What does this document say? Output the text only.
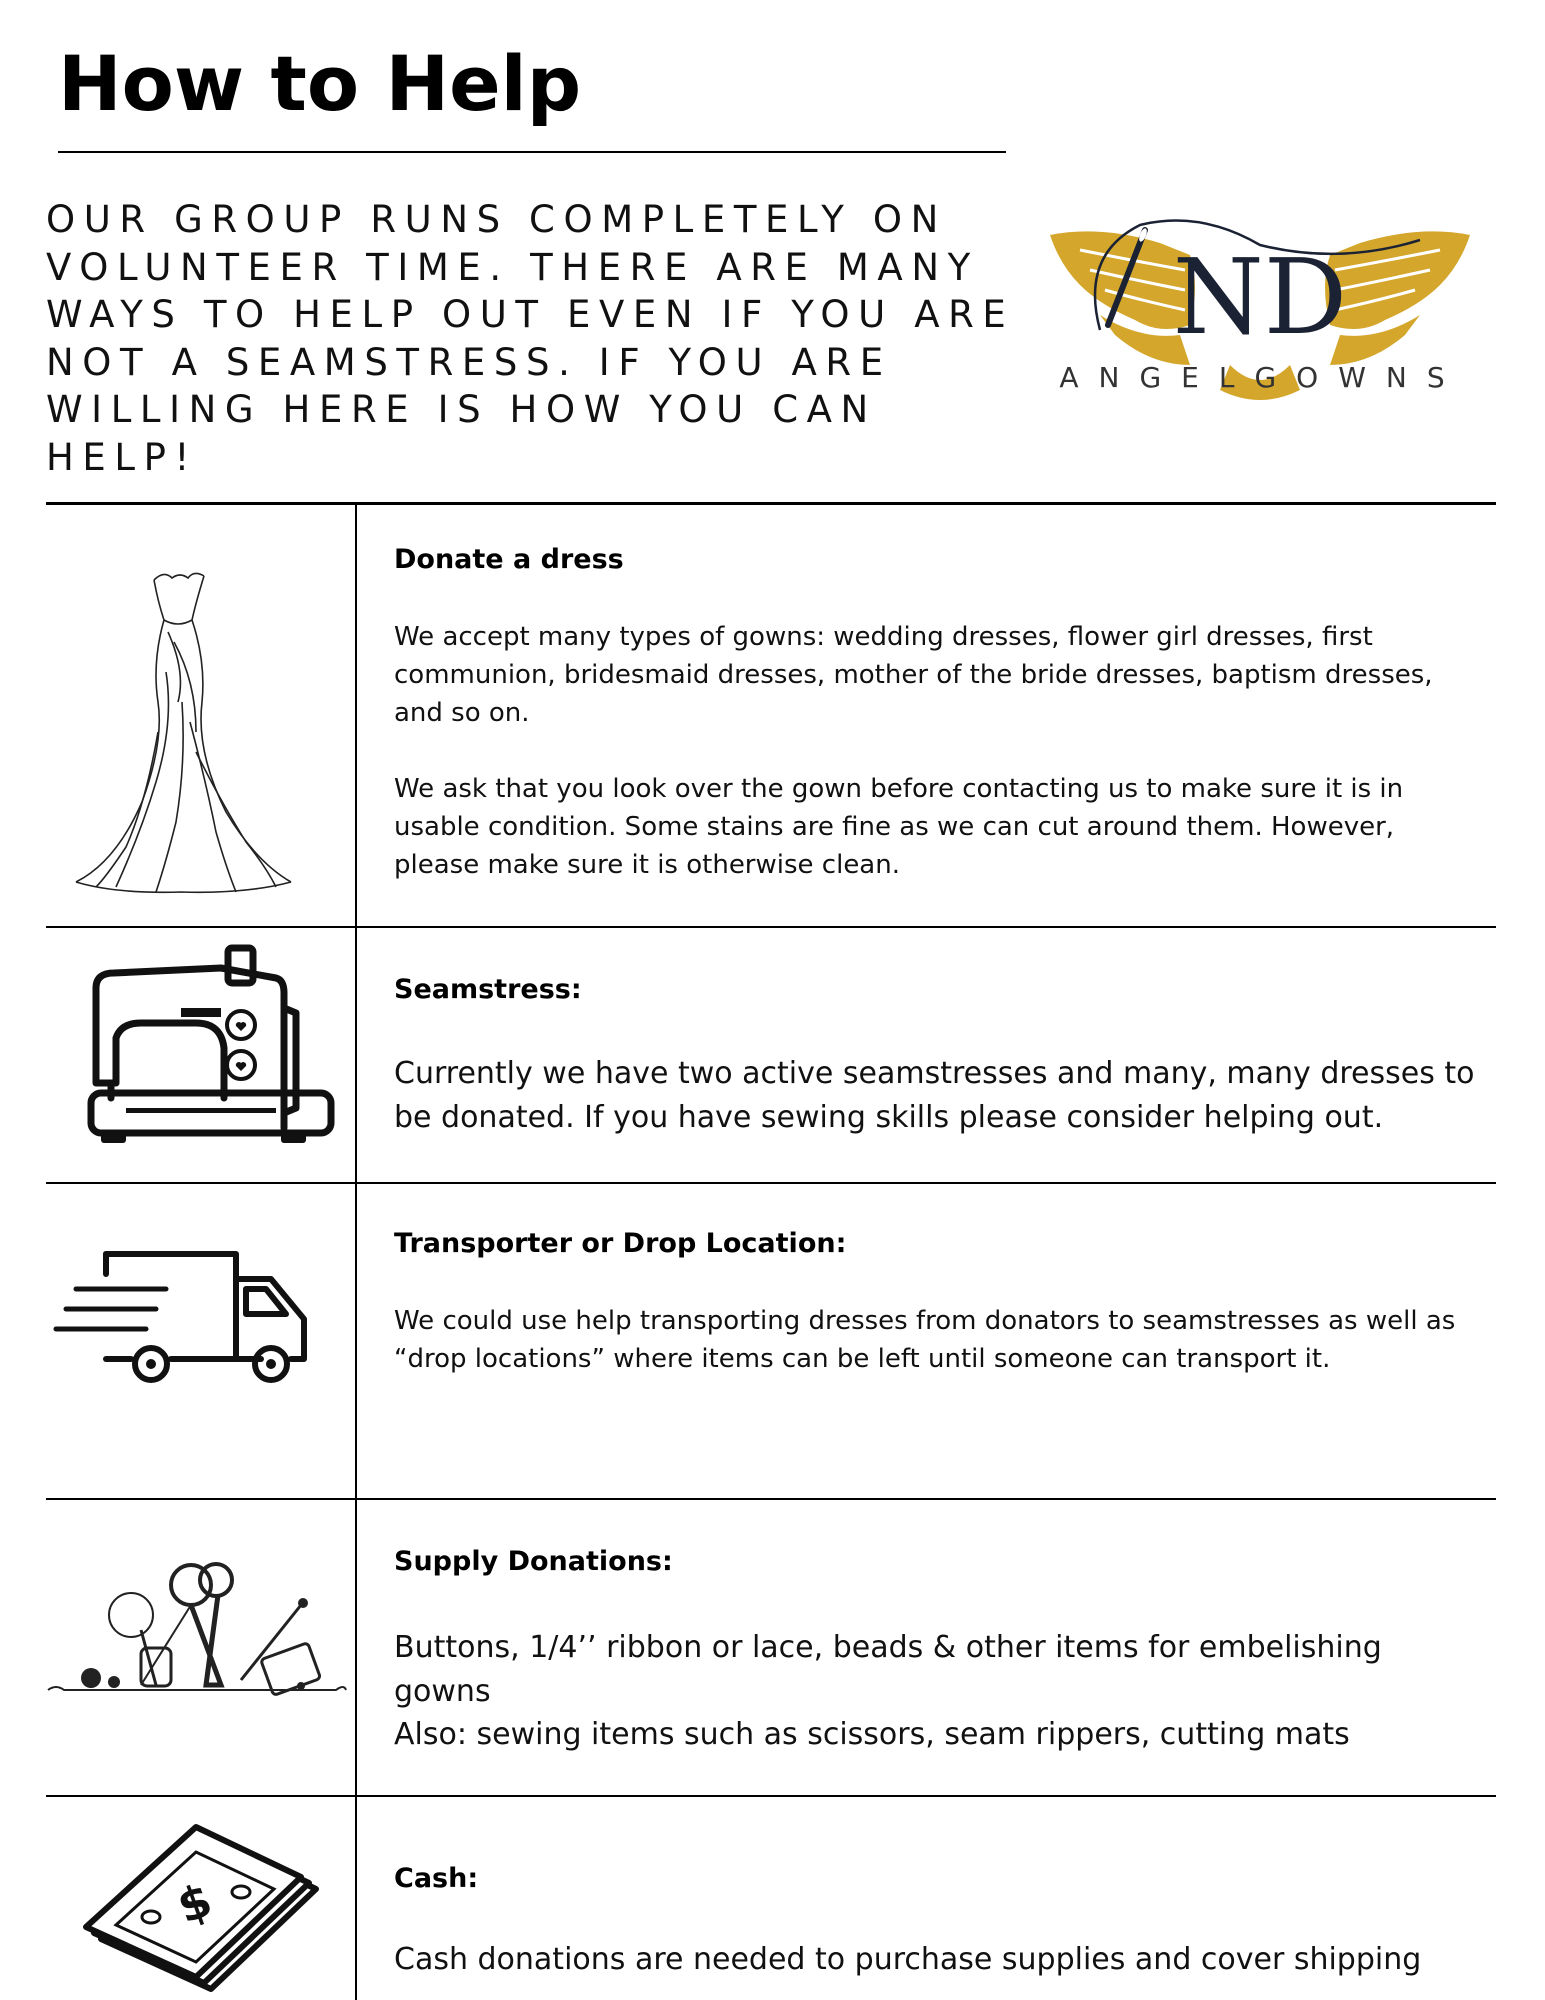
How to Help

OUR GROUP RUNS COMPLETELY ON VOLUNTEER TIME. THERE ARE MANY WAYS TO HELP OUT EVEN IF YOU ARE NOT A SEAMSTRESS. IF YOU ARE WILLING HERE IS HOW YOU CAN HELP!

ND
ANGELGOWNS
Donate a dress

We accept many types of gowns: wedding dresses, flower girl dresses, first communion, bridesmaid dresses, mother of the bride dresses, baptism dresses, and so on.

We ask that you look over the gown before contacting us to make sure it is in usable condition. Some stains are fine as we can cut around them. However, please make sure it is otherwise clean.

Seamstress:

Currently we have two active seamstresses and many, many dresses to be donated. If you have sewing skills please consider helping out.

Transporter or Drop Location:

We could use help transporting dresses from donators to seamstresses as well as “drop locations” where items can be left until someone can transport it.

Supply Donations:

Buttons, 1/4’’ ribbon or lace, beads & other items for embelishing gowns

Also: sewing items such as scissors, seam rippers, cutting mats

$	Cash:

Cash donations are needed to purchase supplies and cover shipping
